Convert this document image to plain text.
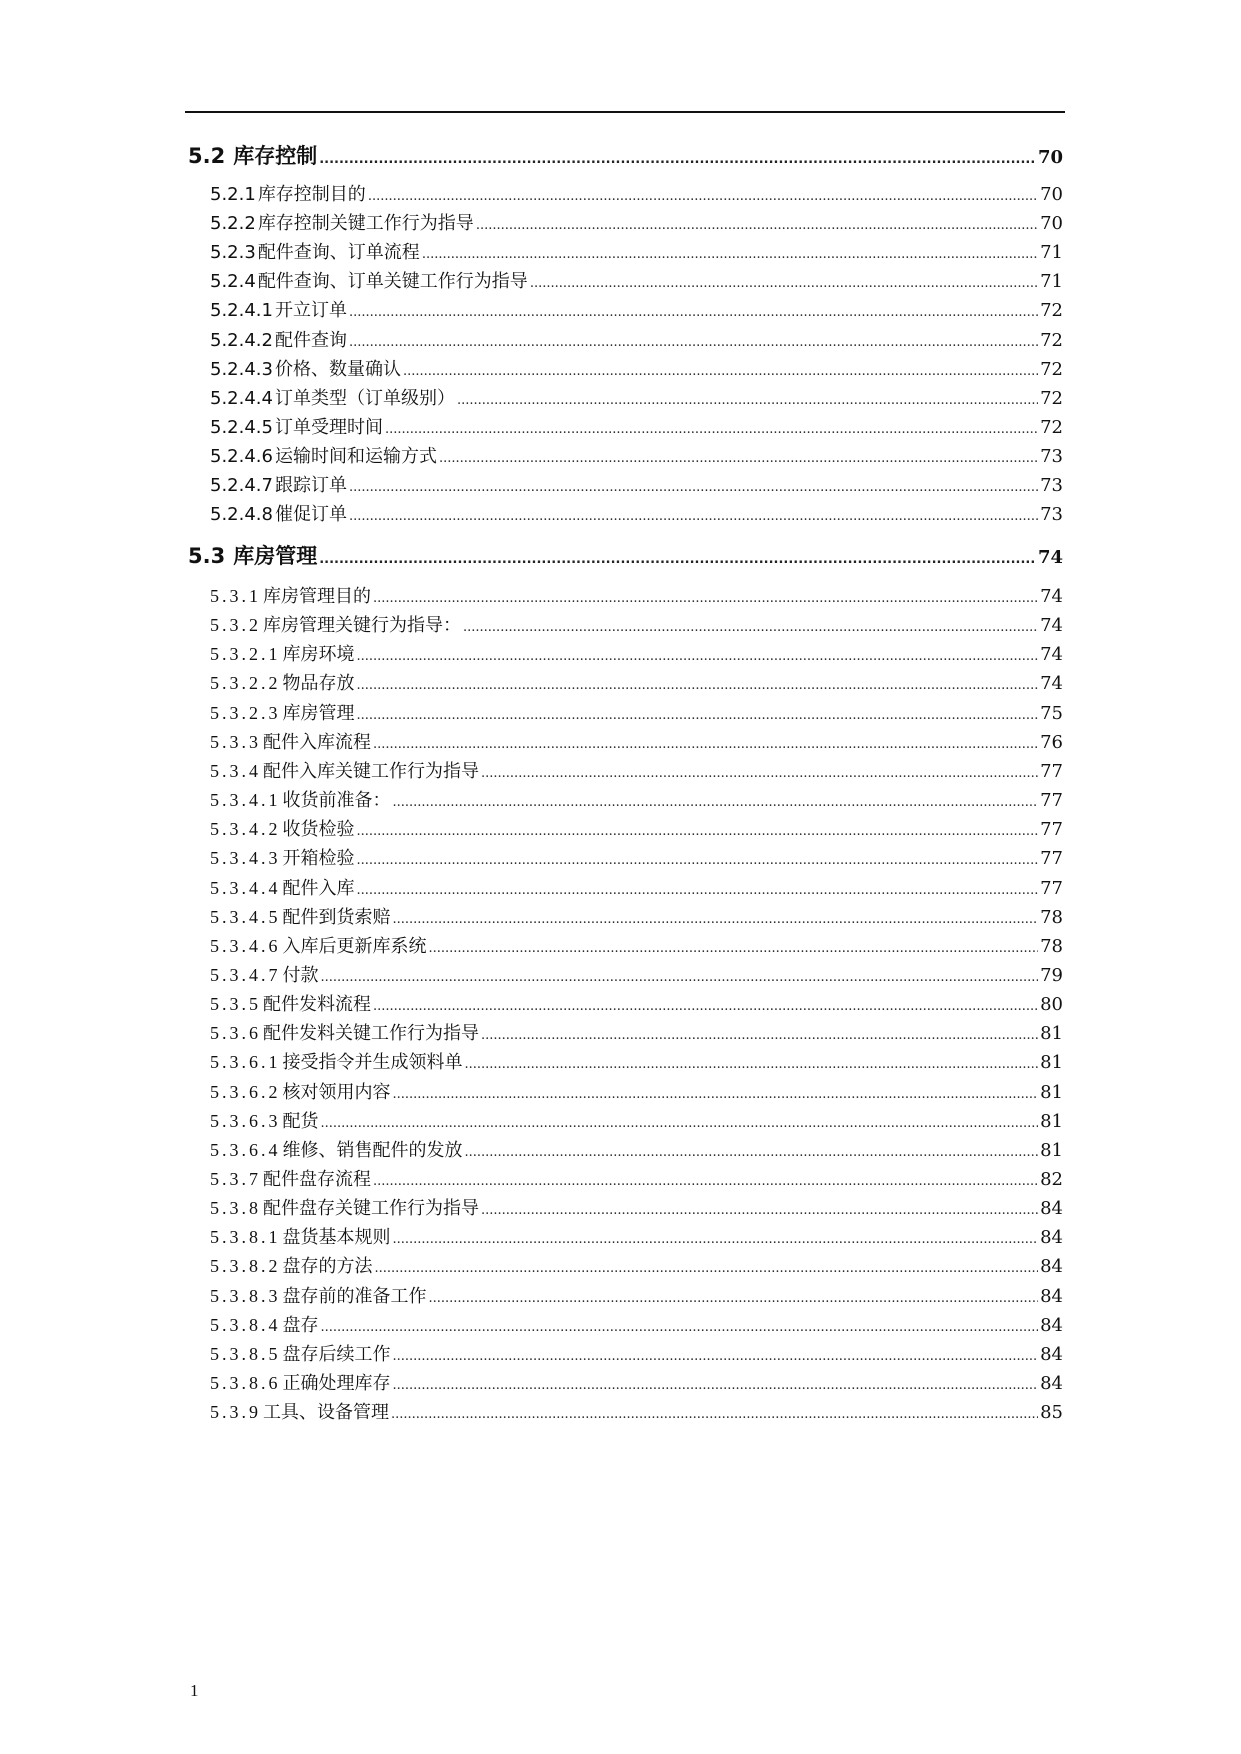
5.2 库存控制 .....	70
5.2.1 库存控制目的 .....	70
5.2.2 库存控制关键工作行为指导 .....	70
5.2.3 配件查询、订单流程 .....	71
5.2.4 配件查询、订单关键工作行为指导 .....	71
5.2.4.1 开立订单 .....	72
5.2.4.2 配件查询 .....	72
5.2.4.3 价格、数量确认 .....	72
5.2.4.4 订单类型（订单级别） .....	72
5.2.4.5 订单受理时间 .....	72
5.2.4.6 运输时间和运输方式 .....	73
5.2.4.7 跟踪订单 .....	73
5.2.4.8 催促订单 .....	73
5.3 库房管理 .....	74
5.3.1 库房管理目的 .....	74
5.3.2 库房管理关键行为指导： .....	74
5.3.2.1 库房环境 .....	74
5.3.2.2 物品存放 .....	74
5.3.2.3 库房管理 .....	75
5.3.3 配件入库流程 .....	76
5.3.4 配件入库关键工作行为指导 .....	77
5.3.4.1 收货前准备： .....	77
5.3.4.2 收货检验 .....	77
5.3.4.3 开箱检验 .....	77
5.3.4.4 配件入库 .....	77
5.3.4.5 配件到货索赔 .....	78
5.3.4.6 入库后更新库系统 .....	78
5.3.4.7 付款 .....	79
5.3.5 配件发料流程 .....	80
5.3.6 配件发料关键工作行为指导 .....	81
5.3.6.1 接受指令并生成领料单 .....	81
5.3.6.2 核对领用内容 .....	81
5.3.6.3 配货 .....	81
5.3.6.4 维修、销售配件的发放 .....	81
5.3.7 配件盘存流程 .....	82
5.3.8 配件盘存关键工作行为指导 .....	84
5.3.8.1 盘货基本规则 .....	84
5.3.8.2 盘存的方法 .....	84
5.3.8.3 盘存前的准备工作 .....	84
5.3.8.4 盘存 .....	84
5.3.8.5 盘存后续工作 .....	84
5.3.8.6 正确处理库存 .....	84
5.3.9 工具、设备管理 .....	85
1
